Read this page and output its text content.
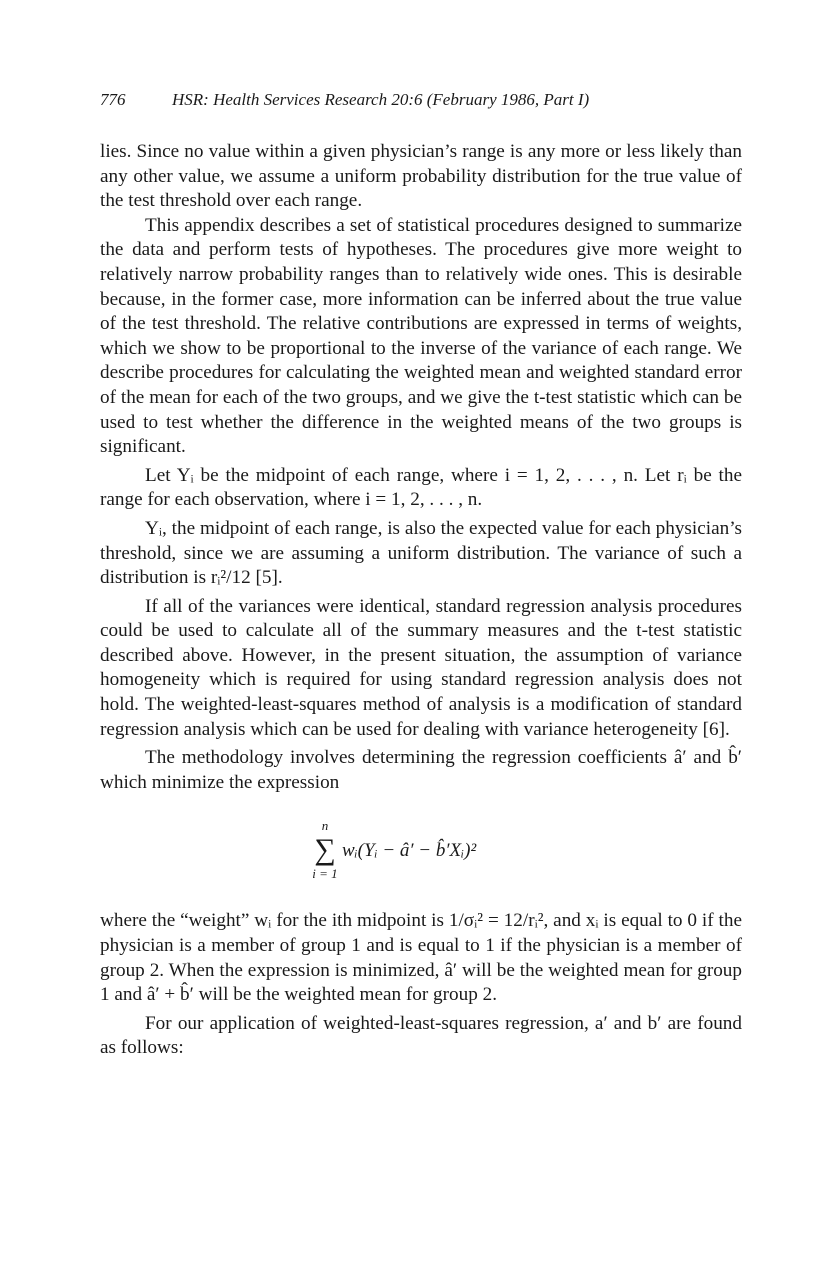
776	HSR: Health Services Research 20:6 (February 1986, Part I)

lies. Since no value within a given physician’s range is any more or less likely than any other value, we assume a uniform probability distribution for the true value of the test threshold over each range.

This appendix describes a set of statistical procedures designed to summarize the data and perform tests of hypotheses. The procedures give more weight to relatively narrow probability ranges than to relatively wide ones. This is desirable because, in the former case, more information can be inferred about the true value of the test threshold. The relative contributions are expressed in terms of weights, which we show to be proportional to the inverse of the variance of each range. We describe procedures for calculating the weighted mean and weighted standard error of the mean for each of the two groups, and we give the t-test statistic which can be used to test whether the difference in the weighted means of the two groups is significant.

Let Yᵢ be the midpoint of each range, where i = 1, 2, . . . , n. Let rᵢ be the range for each observation, where i = 1, 2, . . . , n.

Yᵢ, the midpoint of each range, is also the expected value for each physician’s threshold, since we are assuming a uniform distribution. The variance of such a distribution is rᵢ²/12 [5].

If all of the variances were identical, standard regression analysis procedures could be used to calculate all of the summary measures and the t-test statistic described above. However, in the present situation, the assumption of variance homogeneity which is required for using standard regression analysis does not hold. The weighted-least-squares method of analysis is a modification of standard regression analysis which can be used for dealing with variance heterogeneity [6].

The methodology involves determining the regression coefficients â′ and b̂′ which minimize the expression

n
∑
i = 1
wᵢ(Yᵢ − â′ − b̂′Xᵢ)²

where the “weight” wᵢ for the ith midpoint is 1/σᵢ² = 12/rᵢ², and xᵢ is equal to 0 if the physician is a member of group 1 and is equal to 1 if the physician is a member of group 2. When the expression is minimized, â′ will be the weighted mean for group 1 and â′ + b̂′ will be the weighted mean for group 2.

For our application of weighted-least-squares regression, a′ and b′ are found as follows:
